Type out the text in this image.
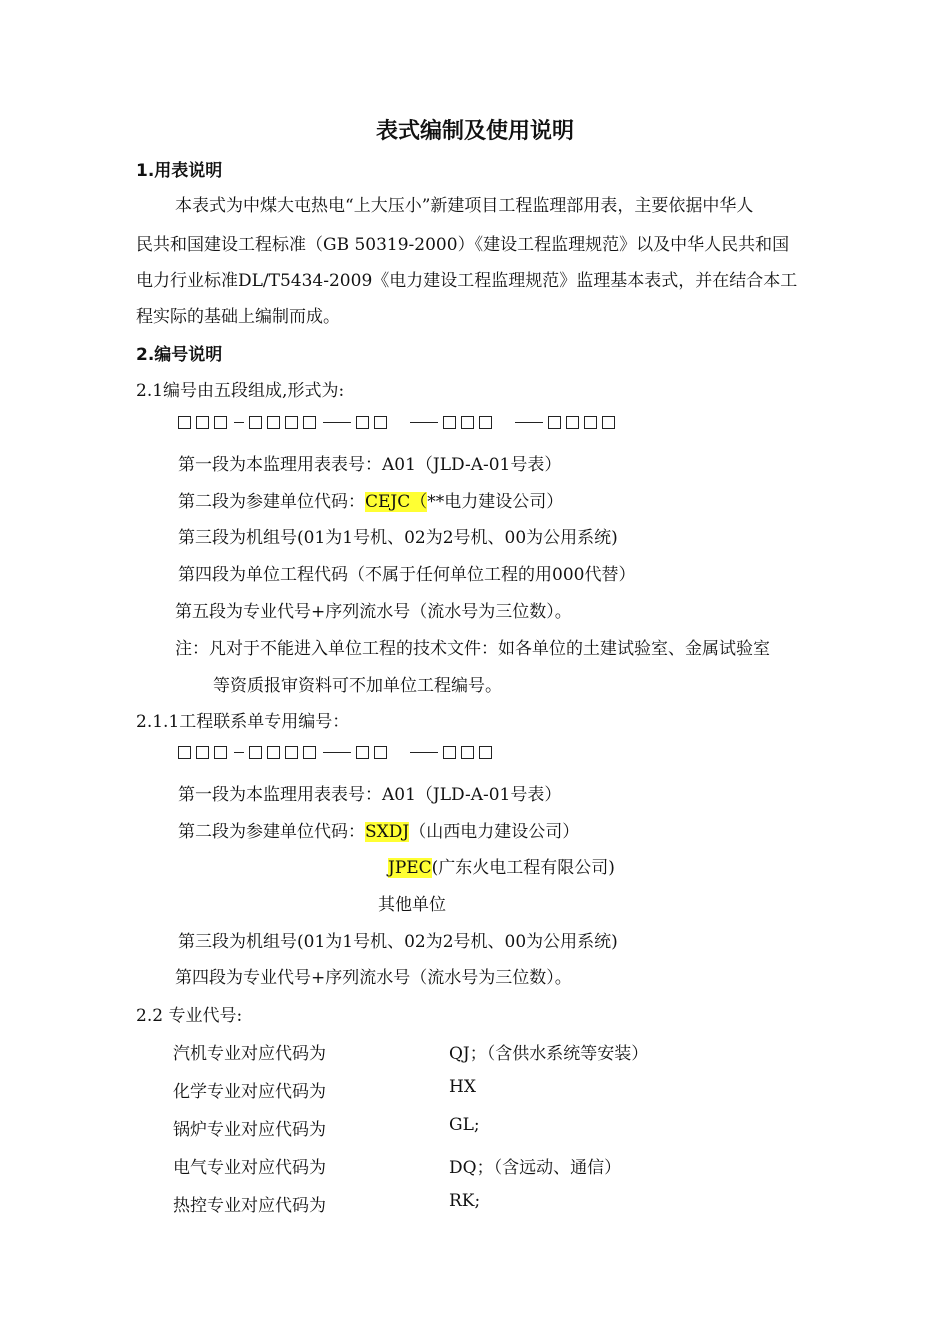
表式编制及使用说明
1.用表说明
本表式为中煤大屯热电“上大压小”新建项目工程监理部用表，主要依据中华人
民共和国建设工程标准（GB 50319-2000）《建设工程监理规范》以及中华人民共和国
电力行业标准DL/T5434-2009《电力建设工程监理规范》监理基本表式，并在结合本工
程实际的基础上编制而成。
2.编号说明
2.1编号由五段组成,形式为:
第一段为本监理用表表号：A01（JLD-A-01号表）
第二段为参建单位代码：CEJC（**电力建设公司）
第三段为机组号(01为1号机、02为2号机、00为公用系统)
第四段为单位工程代码（不属于任何单位工程的用000代替）
第五段为专业代号+序列流水号（流水号为三位数）。
注：凡对于不能进入单位工程的技术文件：如各单位的土建试验室、金属试验室
等资质报审资料可不加单位工程编号。
2.1.1工程联系单专用编号：
第一段为本监理用表表号：A01（JLD-A-01号表）
第二段为参建单位代码：SXDJ（山西电力建设公司）
JPEC(广东火电工程有限公司)
其他单位
第三段为机组号(01为1号机、02为2号机、00为公用系统)
第四段为专业代号+序列流水号（流水号为三位数）。
2.2 专业代号:
汽机专业对应代码为	QJ；（含供水系统等安装）
化学专业对应代码为	HX
锅炉专业对应代码为	GL;
电气专业对应代码为	DQ；（含远动、通信）
热控专业对应代码为	RK;
